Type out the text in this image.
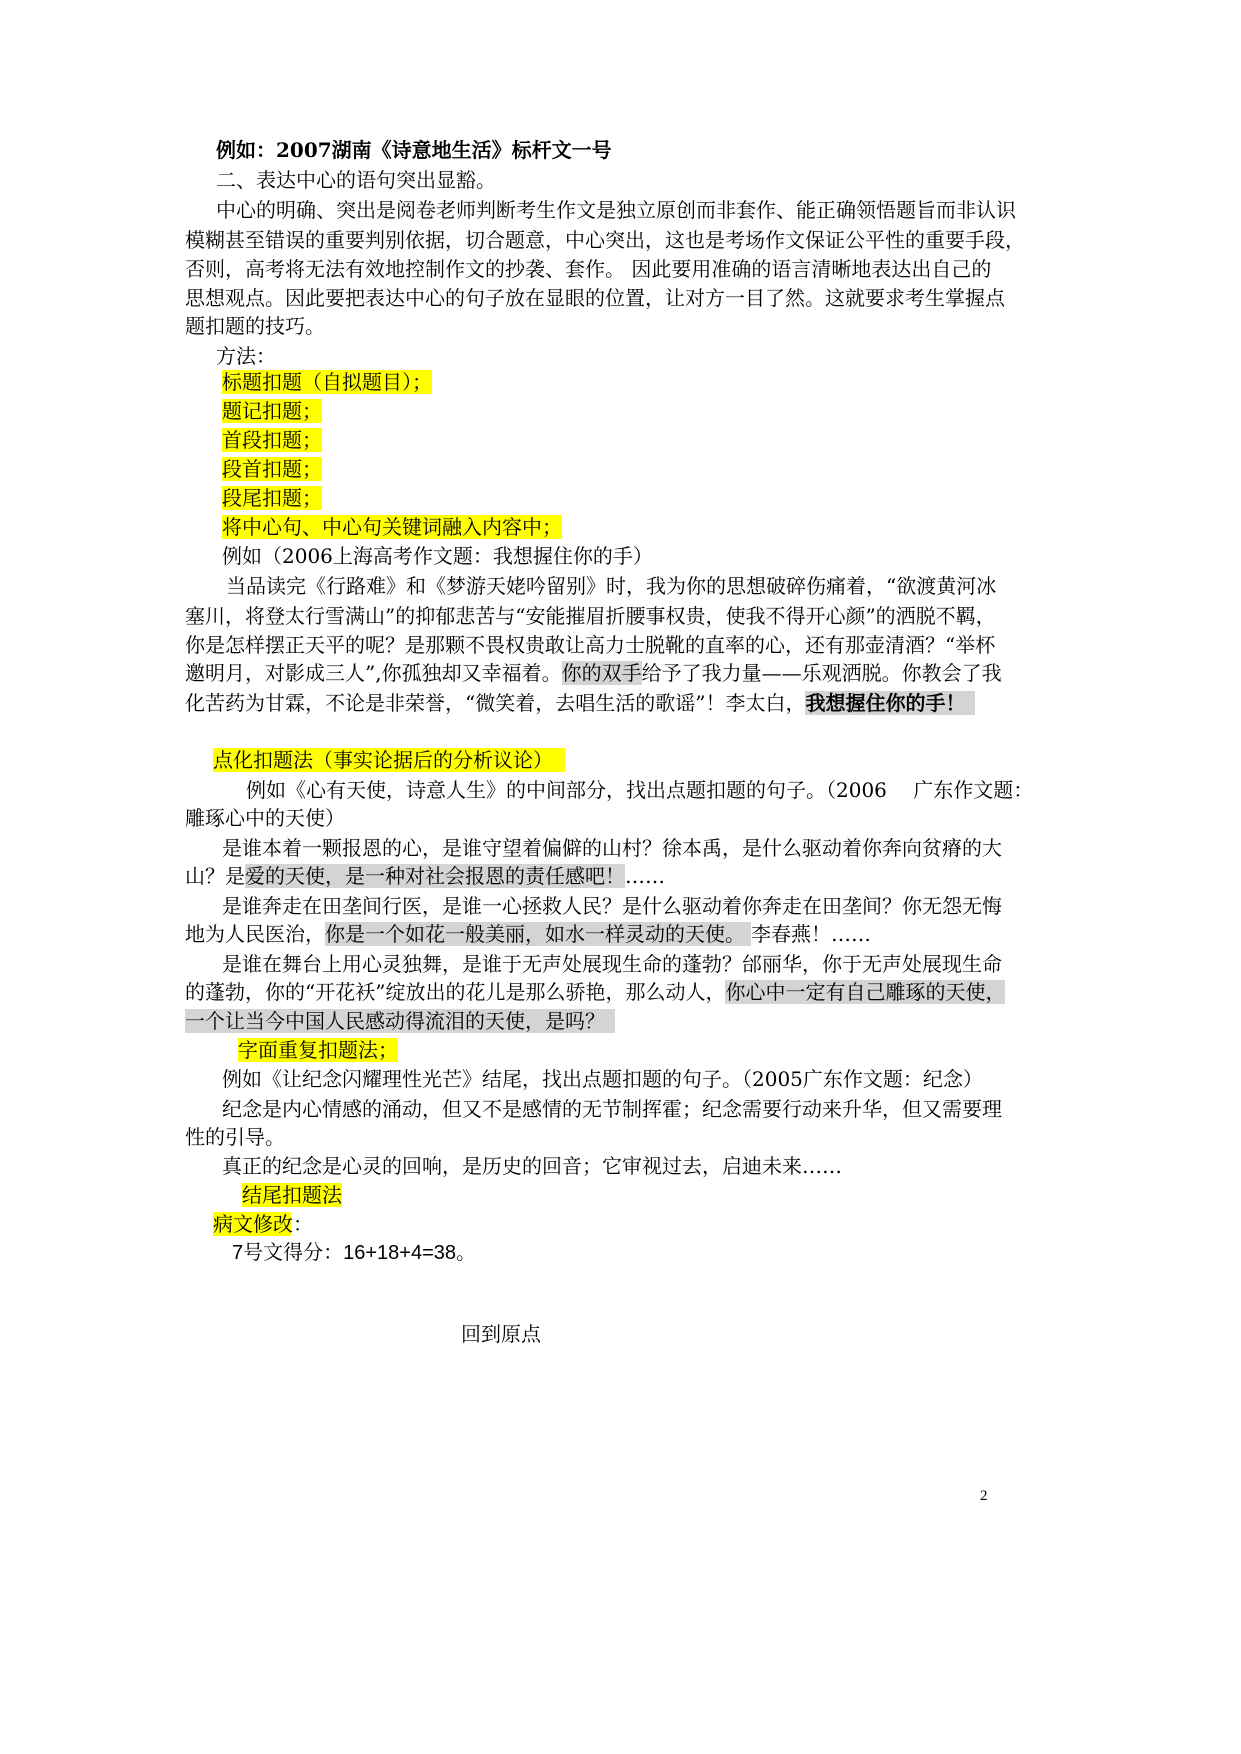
例如：2007湖南《诗意地生活》标杆文一号
二、表达中心的语句突出显豁。
中心的明确、突出是阅卷老师判断考生作文是独立原创而非套作、能正确领悟题旨而非认识
模糊甚至错误的重要判别依据，切合题意，中心突出，这也是考场作文保证公平性的重要手段，
否则，高考将无法有效地控制作文的抄袭、套作。 因此要用准确的语言清晰地表达出自己的
思想观点。因此要把表达中心的句子放在显眼的位置，让对方一目了然。这就要求考生掌握点
题扣题的技巧。
方法：
标题扣题（自拟题目）；
题记扣题；
首段扣题；
段首扣题；
段尾扣题；
将中心句、中心句关键词融入内容中；
例如（2006上海高考作文题：我想握住你的手）
当品读完《行路难》和《梦游天姥吟留别》时，我为你的思想破碎伤痛着，“欲渡黄河冰
塞川，将登太行雪满山”的抑郁悲苦与“安能摧眉折腰事权贵，使我不得开心颜”的洒脱不羁，
你是怎样摆正天平的呢？是那颗不畏权贵敢让高力士脱靴的直率的心，还有那壶清酒？“举杯
邀明月，对影成三人”,你孤独却又幸福着。你的双手给予了我力量——乐观洒脱。你教会了我
化苦药为甘霖，不论是非荣誉，“微笑着，去唱生活的歌谣”！李太白，我想握住你的手！
点化扣题法（事实论据后的分析议论）
例如《心有天使，诗意人生》的中间部分，找出点题扣题的句子。（2006　 广东作文题：
雕琢心中的天使）
是谁本着一颗报恩的心，是谁守望着偏僻的山村？徐本禹，是什么驱动着你奔向贫瘠的大
山？是爱的天使，是一种对社会报恩的责任感吧！……
是谁奔走在田垄间行医，是谁一心拯救人民？是什么驱动着你奔走在田垄间？你无怨无悔
地为人民医治，你是一个如花一般美丽，如水一样灵动的天使。 李春燕！……
是谁在舞台上用心灵独舞，是谁于无声处展现生命的蓬勃？邰丽华，你于无声处展现生命
的蓬勃，你的“开花袄”绽放出的花儿是那么骄艳，那么动人，你心中一定有自己雕琢的天使，
一个让当今中国人民感动得流泪的天使，是吗？
字面重复扣题法；
例如《让纪念闪耀理性光芒》结尾，找出点题扣题的句子。（2005广东作文题：纪念）
纪念是内心情感的涌动，但又不是感情的无节制挥霍；纪念需要行动来升华，但又需要理
性的引导。
真正的纪念是心灵的回响，是历史的回音；它审视过去，启迪未来……
结尾扣题法
病文修改：
7号文得分：16+18+4=38。
回到原点
2
